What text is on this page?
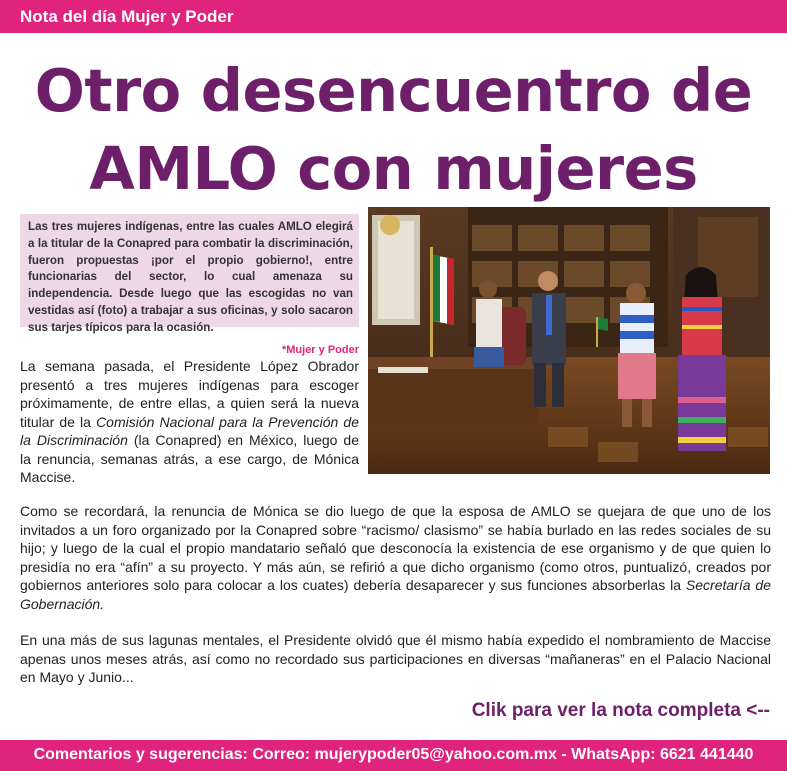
Nota del día Mujer y Poder
Otro desencuentro de
AMLO con mujeres
Las tres mujeres indígenas, entre las cuales AMLO elegirá a la titular de la Conapred para combatir la discriminación, fueron propuestas ¡por el propio gobierno!, entre funcionarias del sector, lo cual amenaza su independencia. Desde luego que las escogidas no van vestidas así (foto) a trabajar a sus oficinas, y solo sacaron sus tarjes típicos para la ocasión.
*Mujer y Poder
La semana pasada, el Presidente López Obrador presentó a tres mujeres indígenas para escoger próximamente, de entre ellas, a quien será la nueva titular de la Comisión Nacional para la Prevención de la Discriminación (la Conapred) en México, luego de la renuncia, semanas atrás, a ese cargo, de Mónica Maccise.
Como se recordará, la renuncia de Mónica se dio luego de que la esposa de AMLO se quejara de que uno de los invitados a un foro organizado por la Conapred sobre “racismo/ clasismo” se había burlado en las redes sociales de su hijo; y luego de la cual el propio mandatario señaló que desconocía la existencia de ese organismo y de que quien lo presidía no era “afín” a su proyecto. Y más aún, se refirió a que dicho organismo (como otros, puntualizó, creados por gobiernos anteriores solo para colocar a los cuates) debería desaparecer y sus funciones absorberlas la Secretaría de Gobernación.
En una más de sus lagunas mentales, el Presidente olvidó que él mismo había expedido el nombramiento de Maccise apenas unos meses atrás, así como no recordado sus participaciones en diversas “mañaneras” en el Palacio Nacional en Mayo y Junio...
Clik para ver la nota completa <--
Comentarios y sugerencias: Correo: mujerypoder05@yahoo.com.mx - WhatsApp: 6621 441440
